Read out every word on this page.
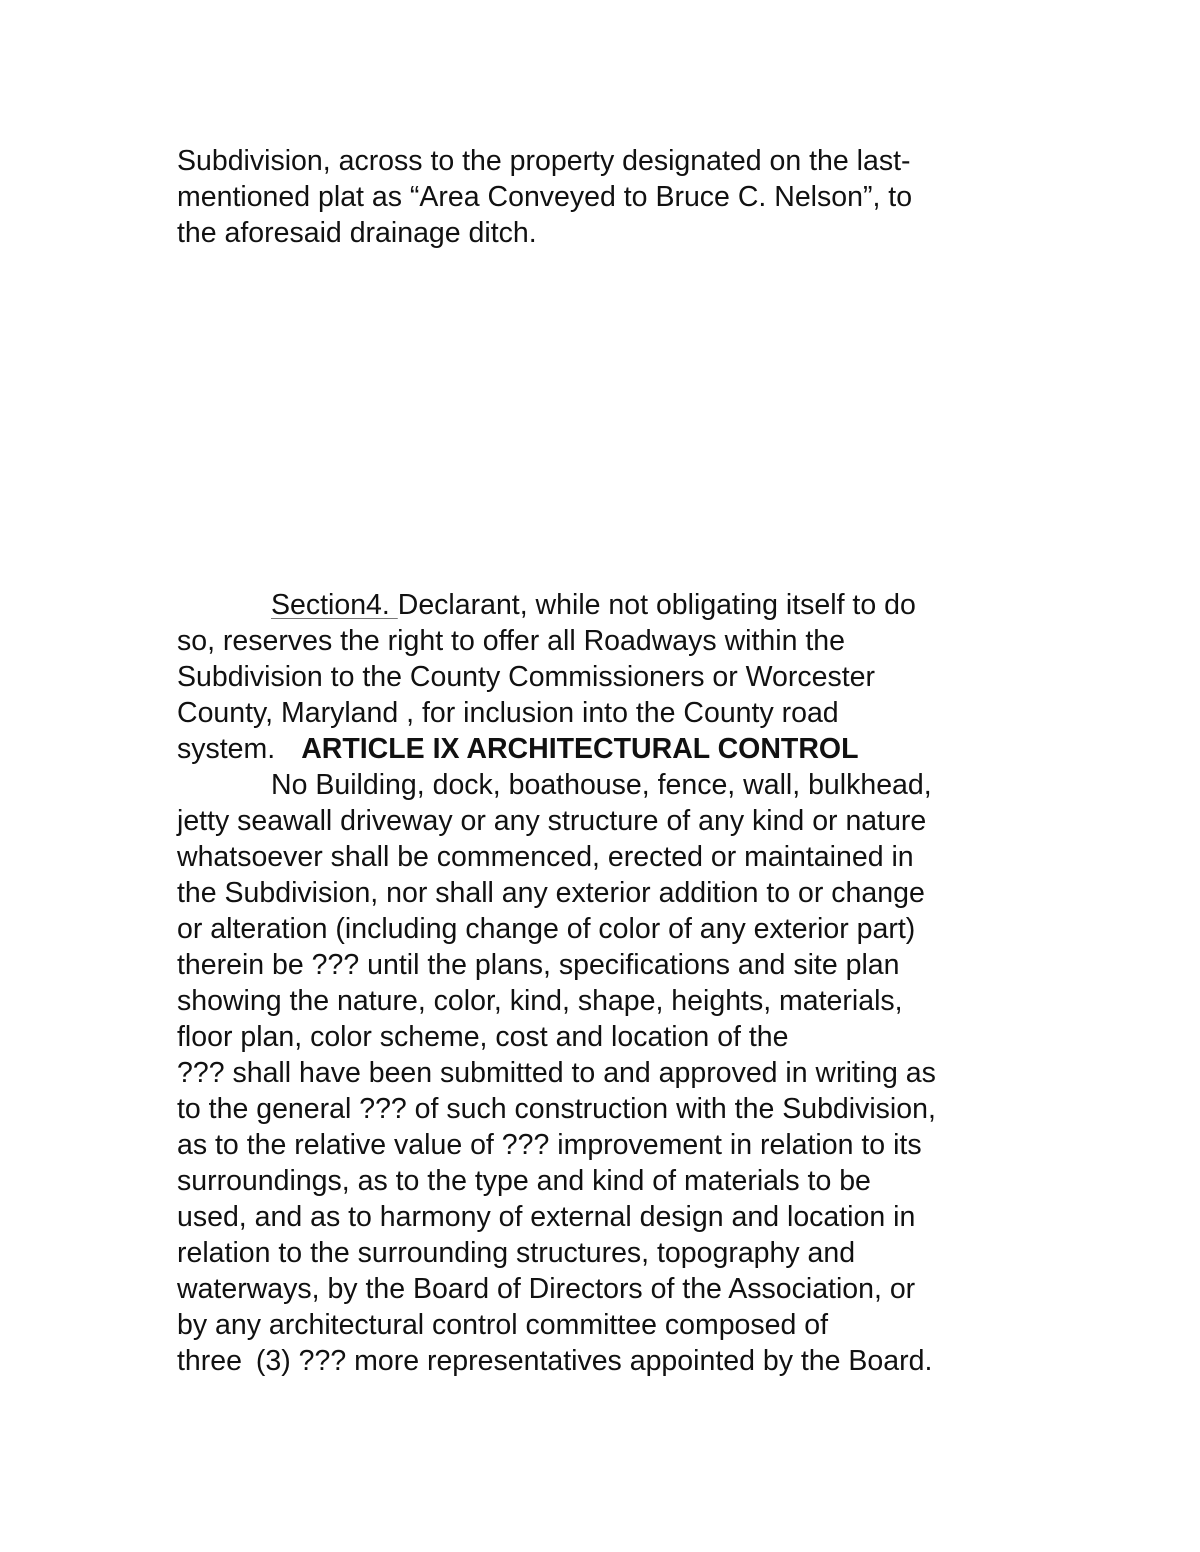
Subdivision, across to the property designated on the last-
mentioned plat as “Area Conveyed to Bruce C. Nelson”, to
the aforesaid drainage ditch.
Section4. Declarant, while not obligating itself to do
so, reserves the right to offer all Roadways within the
Subdivision to the County Commissioners or Worcester
County, Maryland , for inclusion into the County road
system. ARTICLE IX ARCHITECTURAL CONTROL
No Building, dock, boathouse, fence, wall, bulkhead,
jetty seawall driveway or any structure of any kind or nature
whatsoever shall be commenced, erected or maintained in
the Subdivision, nor shall any exterior addition to or change
or alteration (including change of color of any exterior part)
therein be ??? until the plans, specifications and site plan
showing the nature, color, kind, shape, heights, materials,
floor plan, color scheme, cost and location of the
??? shall have been submitted to and approved in writing as
to the general ??? of such construction with the Subdivision,
as to the relative value of ??? improvement in relation to its
surroundings, as to the type and kind of materials to be
used, and as to harmony of external design and location in
relation to the surrounding structures, topography and
waterways, by the Board of Directors of the Association, or
by any architectural control committee composed of
three (3) ??? more representatives appointed by the Board.
